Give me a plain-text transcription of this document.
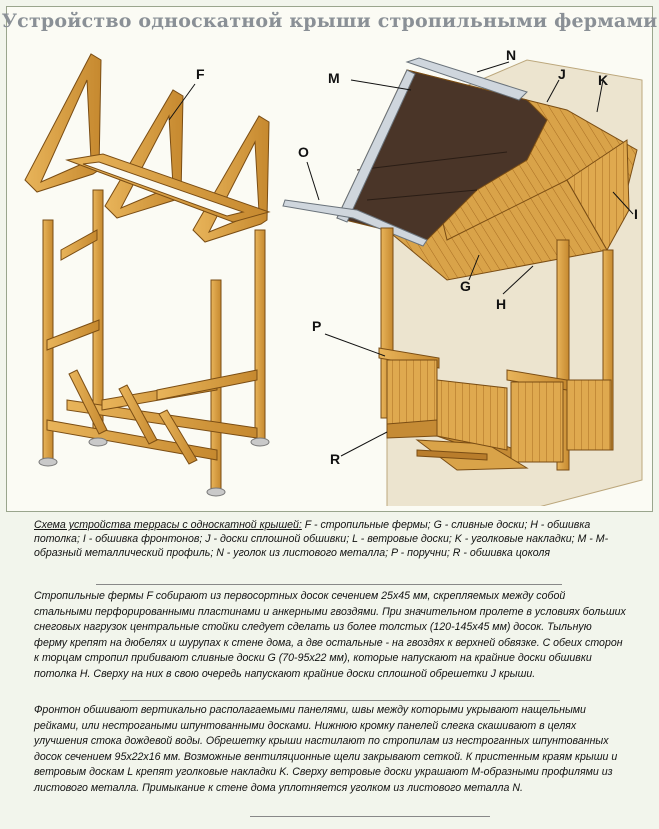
Устройство односкатной крыши стропильными фермами
F	M
N
J K
O
I
G
H
P
R
Схема устройства террасы с односкатной крышей: F - стропильные фермы; G - сливные доски; H - обшивка потолка; I - обшивка фронтонов; J - доски сплошной обшивки; L - ветровые доски; K - уголковые накладки; M - М-образный металлический профиль; N - уголок из листового металла; P - поручни; R - обшивка цоколя
Стропильные фермы F собирают из первосортных досок сечением 25х45 мм, скрепляемых между собой стальными перфорированными пластинами и анкерными гвоздями. При значительном пролете в условиях больших снеговых нагрузок центральные стойки следует сделать из более толстых (120-145х45 мм) досок. Тыльную ферму крепят на дюбелях и шурупах к стене дома, а две остальные - на гвоздях к верхней обвязке. С обеих сторон к торцам стропил прибивают сливные доски G (70-95х22 мм), которые напускают на крайние доски обшивки потолка H. Сверху на них в свою очередь напускают крайние доски сплошной обрешетки J крыши.
Фронтон обшивают вертикально располагаемыми панелями, швы между которыми укрывают нащельными рейками, или нестрогаными шпунтованными досками. Нижнюю кромку панелей слегка скашивают в целях улучшения стока дождевой воды. Обрешетку крыши настилают по стропилам из нестроганных шпунтованных досок сечением 95х22х16 мм. Возможные вентиляционные щели закрывают сеткой. К пристенным краям крыши и ветровым доскам L крепят уголковые накладки K. Сверху ветровые доски украшают М-образными профилями из листового металла. Примыкание к стене дома уплотняется уголком из листового металла N.
